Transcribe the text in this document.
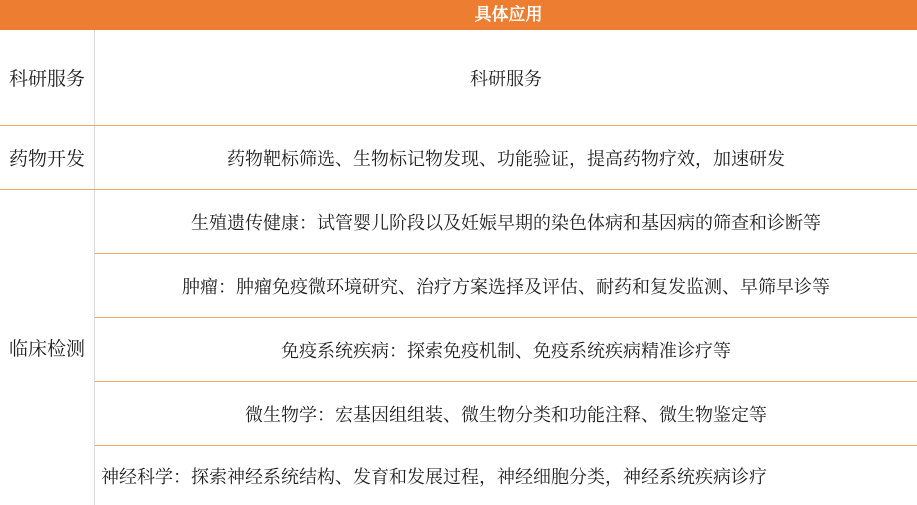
具体应用
科研服务
药物开发
临床检测
科研服务
药物靶标筛选、生物标记物发现、功能验证，提高药物疗效，加速研发
生殖遗传健康：试管婴儿阶段以及妊娠早期的染色体病和基因病的筛查和诊断等
肿瘤：肿瘤免疫微环境研究、治疗方案选择及评估、耐药和复发监测、早筛早诊等
免疫系统疾病：探索免疫机制、免疫系统疾病精准诊疗等
微生物学：宏基因组组装、微生物分类和功能注释、微生物鉴定等
神经科学：探索神经系统结构、发育和发展过程，神经细胞分类，神经系统疾病诊疗
